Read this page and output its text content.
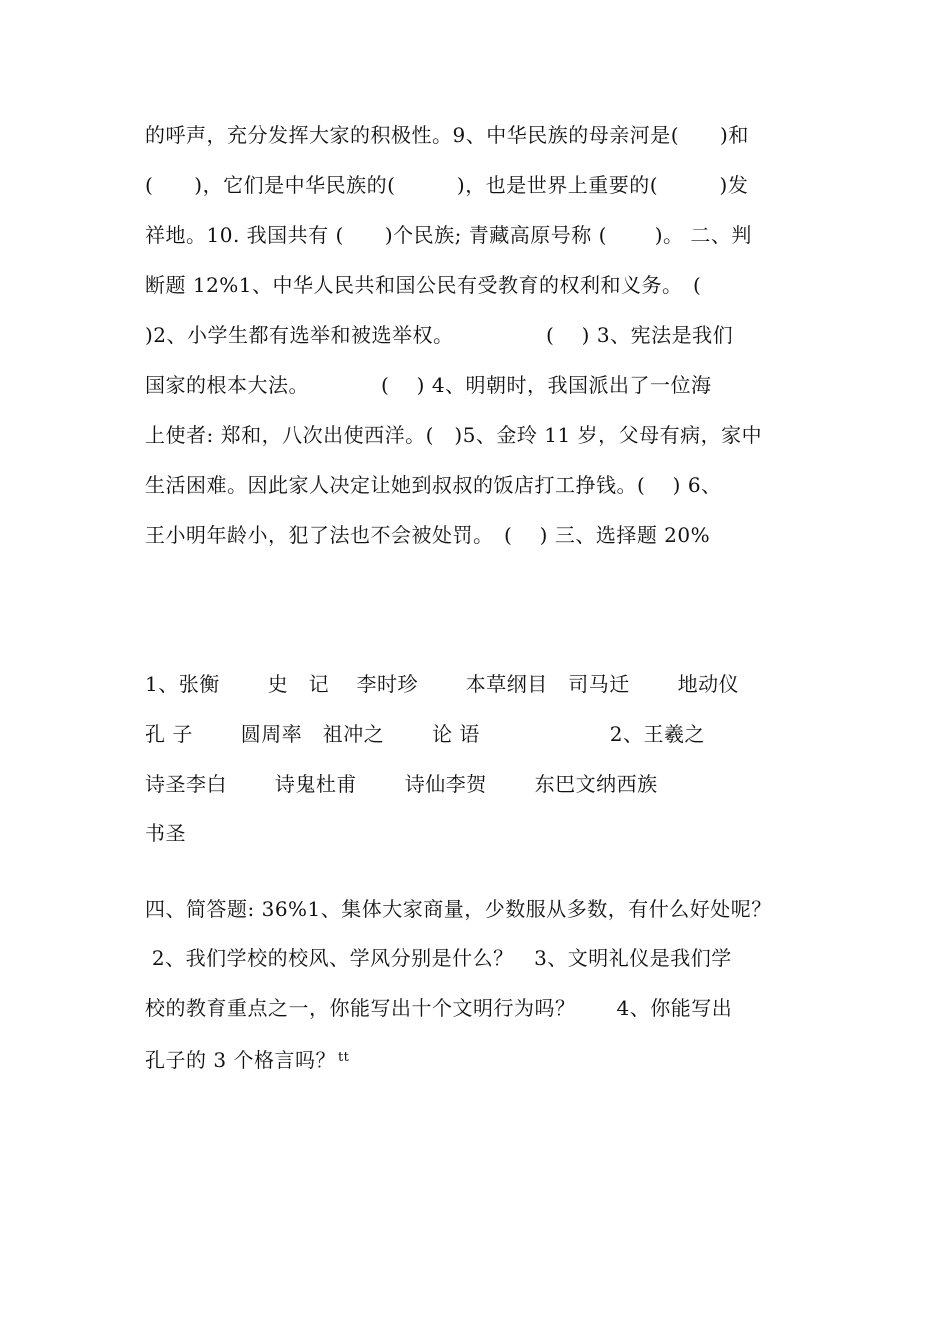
的呼声，充分发挥大家的积极性。9、中华民族的母亲河是(　　)和
(　　)，它们是中华民族的(　　　)，也是世界上重要的(　　　)发
祥地。10. 我国共有 (　　)个民族; 青藏高原号称 (　　 )。 二、判
断题 12%1、中华人民共和国公民有受教育的权利和义务。　(
)2、小学生都有选举和被选举权。　　　　　(　 ) 3、宪法是我们
国家的根本大法。　　　　(　 ) 4、明朝时，我国派出了一位海
上使者: 郑和，八次出使西洋。(　)5、金玲 11 岁，父母有病，家中
生活困难。因此家人决定让她到叔叔的饭店打工挣钱。(　 ) 6、
王小明年龄小，犯了法也不会被处罚。　(　 ) 三、选择题 20%
1、张衡　　 史　记　 李时珍　　 本草纲目　司马迁　　 地动仪
孔 子　　 圆周率　祖冲之　　 论 语　　　　　　 2、王羲之
诗圣李白　　 诗鬼杜甫　　 诗仙李贺　　 东巴文纳西族
书圣
四、简答题: 36%1、集体大家商量，少数服从多数，有什么好处呢？
2、我们学校的校风、学风分别是什么？　3、文明礼仪是我们学
校的教育重点之一，你能写出十个文明行为吗？　　4、你能写出
孔子的 3 个格言吗？ $^{tt}$
